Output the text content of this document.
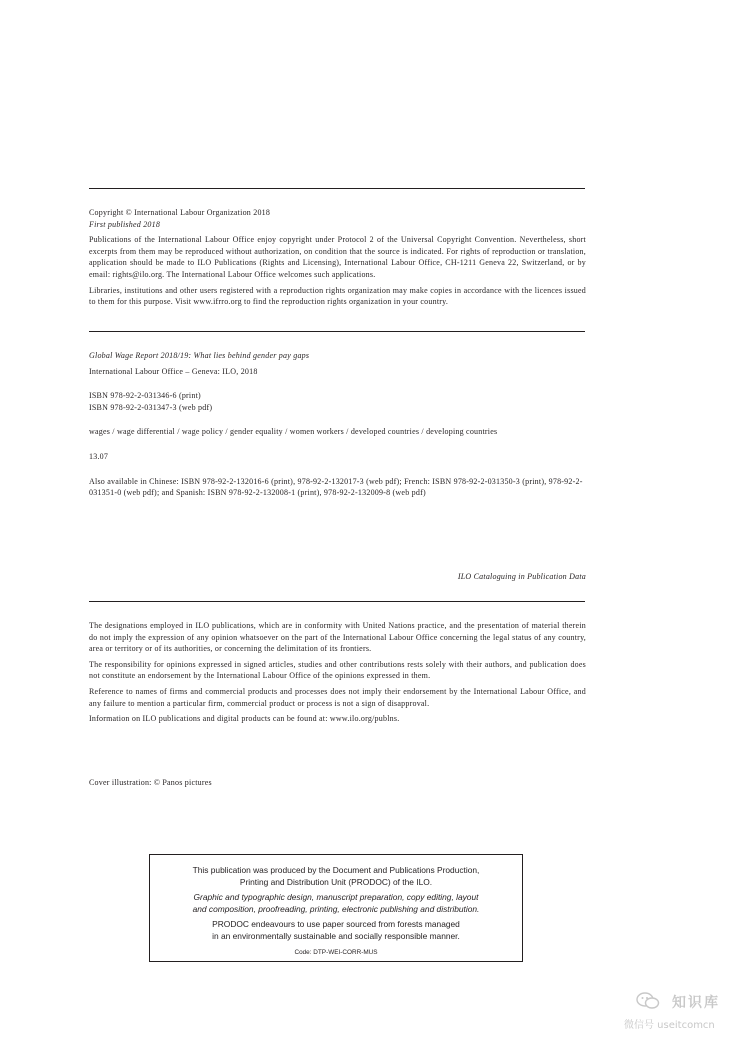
Copyright © International Labour Organization 2018

First published 2018

Publications of the International Labour Office enjoy copyright under Protocol 2 of the Universal Copyright Convention. Nevertheless, short excerpts from them may be reproduced without authorization, on condition that the source is indicated. For rights of reproduction or translation, application should be made to ILO Publications (Rights and Licensing), International Labour Office, CH-1211 Geneva 22, Switzerland, or by email: rights@ilo.org. The International Labour Office welcomes such applications.

Libraries, institutions and other users registered with a reproduction rights organization may make copies in accordance with the licences issued to them for this purpose. Visit www.ifrro.org to find the reproduction rights organization in your country.

Global Wage Report 2018/19: What lies behind gender pay gaps

International Labour Office – Geneva: ILO, 2018

ISBN 978-92-2-031346-6 (print)

ISBN 978-92-2-031347-3 (web pdf)

wages / wage differential / wage policy / gender equality / women workers / developed countries / developing countries

13.07

Also available in Chinese: ISBN 978-92-2-132016-6 (print), 978-92-2-132017-3 (web pdf); French: ISBN 978-92-2-031350-3 (print), 978-92-2-031351-0 (web pdf); and Spanish: ISBN 978-92-2-132008-1 (print), 978-92-2-132009-8 (web pdf)

ILO Cataloguing in Publication Data

The designations employed in ILO publications, which are in conformity with United Nations practice, and the presentation of material therein do not imply the expression of any opinion whatsoever on the part of the International Labour Office concerning the legal status of any country, area or territory or of its authorities, or concerning the delimitation of its frontiers.

The responsibility for opinions expressed in signed articles, studies and other contributions rests solely with their authors, and publication does not constitute an endorsement by the International Labour Office of the opinions expressed in them.

Reference to names of firms and commercial products and processes does not imply their endorsement by the International Labour Office, and any failure to mention a particular firm, commercial product or process is not a sign of disapproval.

Information on ILO publications and digital products can be found at: www.ilo.org/publns.

Cover illustration: © Panos pictures

This publication was produced by the Document and Publications Production,

Printing and Distribution Unit (PRODOC) of the ILO.

Graphic and typographic design, manuscript preparation, copy editing, layout

and composition, proofreading, printing, electronic publishing and distribution.

PRODOC endeavours to use paper sourced from forests managed

in an environmentally sustainable and socially responsible manner.

Code: DTP-WEI-CORR-MUS

知识库
微信号 useitcomcn
